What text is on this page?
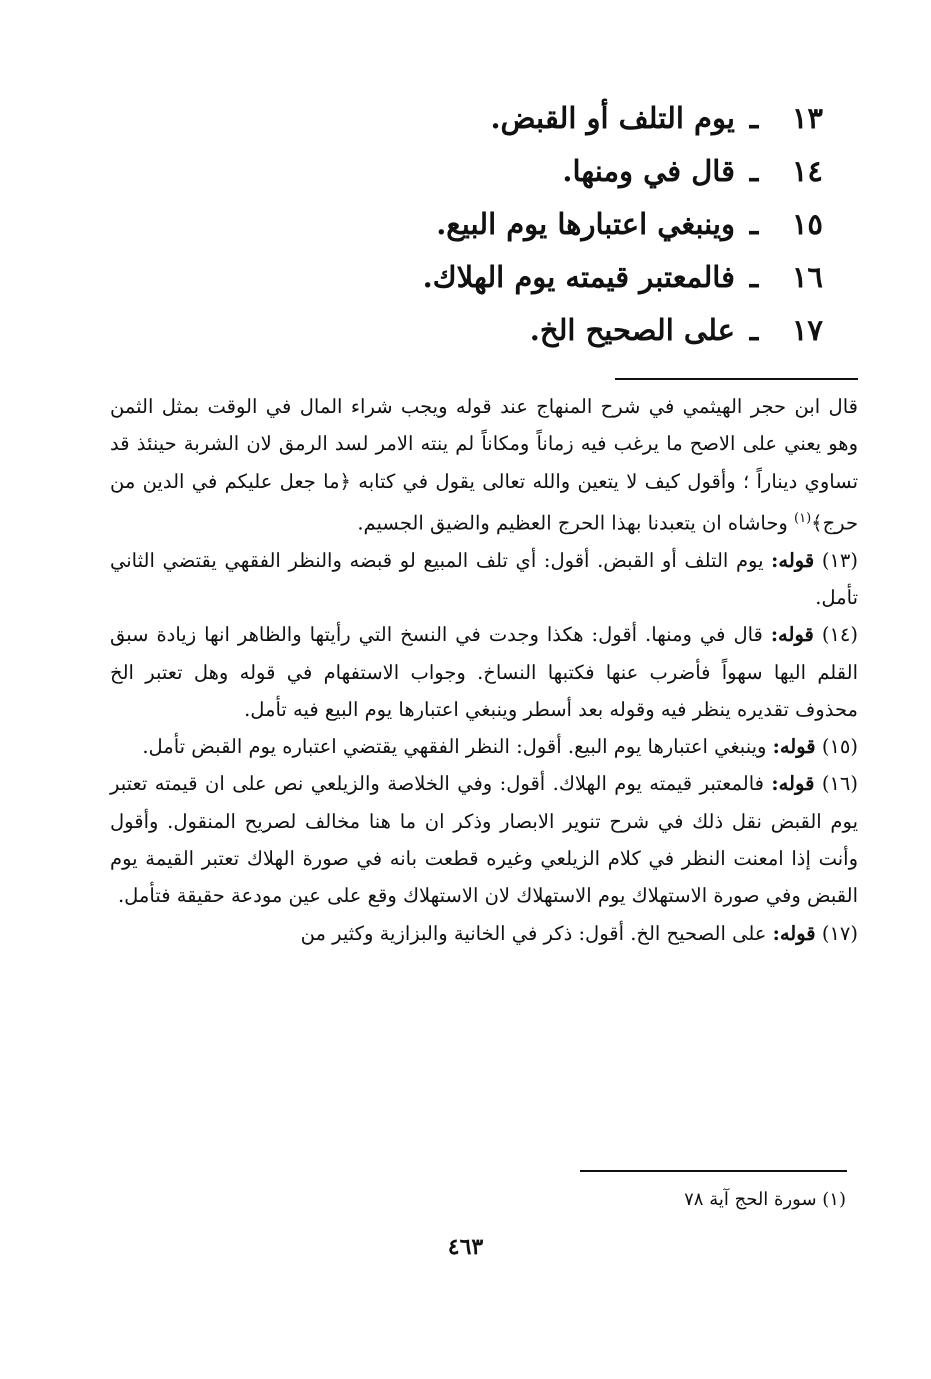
١٣ـيوم التلف أو القبض.
١٤ـقال في ومنها.
١٥ـوينبغي اعتبارها يوم البيع.
١٦ـفالمعتبر قيمته يوم الهلاك.
١٧ـعلى الصحيح الخ.

قال ابن حجر الهيثمي في شرح المنهاج عند قوله ويجب شراء المال في الوقت بمثل الثمن وهو يعني على الاصح ما يرغب فيه زماناً ومكاناً لم ينته الامر لسد الرمق لان الشربة حينئذ قد تساوي ديناراً ؛ وأقول كيف لا يتعين والله تعالى يقول في كتابه ﴿ما جعل عليكم في الدين من حرج﴾$^{(١)}$ وحاشاه ان يتعبدنا بهذا الحرج العظيم والضيق الجسيم.

(١٣) قوله: يوم التلف أو القبض. أقول: أي تلف المبيع لو قبضه والنظر الفقهي يقتضي الثاني تأمل.

(١٤) قوله: قال في ومنها. أقول: هكذا وجدت في النسخ التي رأيتها والظاهر انها زيادة سبق القلم اليها سهواً فأضرب عنها فكتبها النساخ. وجواب الاستفهام في قوله وهل تعتبر الخ محذوف تقديره ينظر فيه وقوله بعد أسطر وينبغي اعتبارها يوم البيع فيه تأمل.

(١٥) قوله: وينبغي اعتبارها يوم البيع. أقول: النظر الفقهي يقتضي اعتباره يوم القبض تأمل.

(١٦) قوله: فالمعتبر قيمته يوم الهلاك. أقول: وفي الخلاصة والزيلعي نص على ان قيمته تعتبر يوم القبض نقل ذلك في شرح تنوير الابصار وذكر ان ما هنا مخالف لصريح المنقول. وأقول وأنت إذا امعنت النظر في كلام الزيلعي وغيره قطعت بانه في صورة الهلاك تعتبر القيمة يوم القبض وفي صورة الاستهلاك يوم الاستهلاك لان الاستهلاك وقع على عين مودعة حقيقة فتأمل.

(١٧) قوله: على الصحيح الخ. أقول: ذكر في الخانية والبزازية وكثير من

(١) سورة الحج آية ٧٨
٤٦٣
